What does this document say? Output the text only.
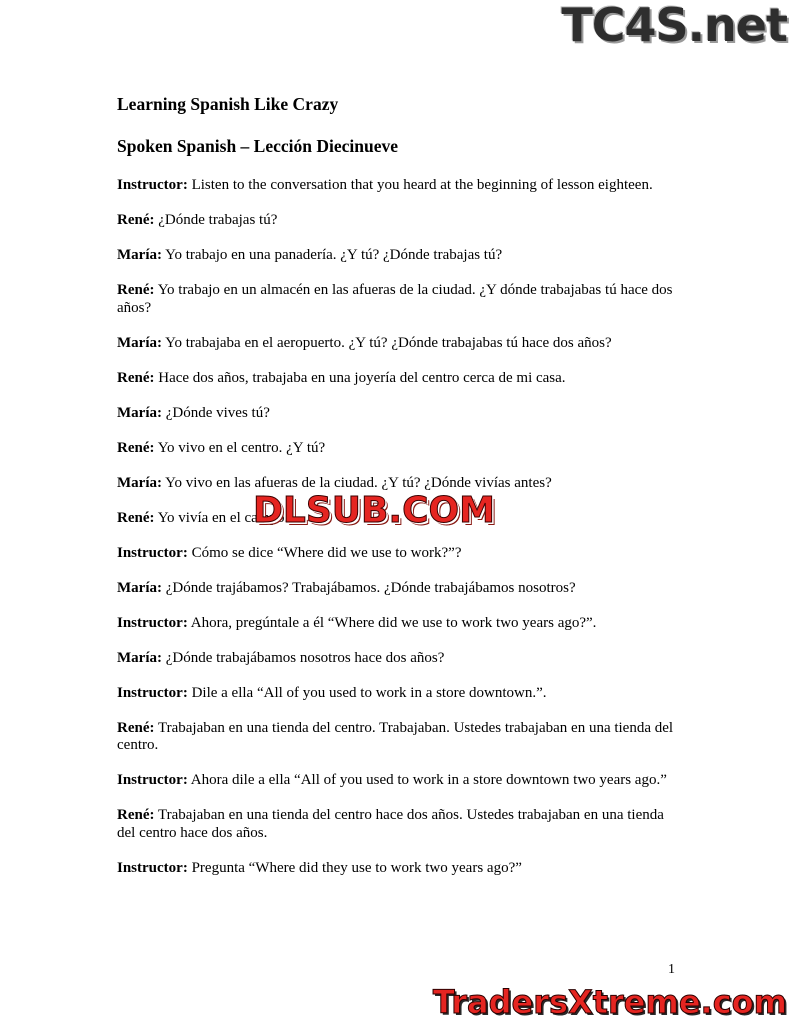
TC4S.net
Learning Spanish Like Crazy
Spoken Spanish – Lección Diecinueve

Instructor: Listen to the conversation that you heard at the beginning of lesson eighteen.

René: ¿Dónde trabajas tú?

María: Yo trabajo en una panadería. ¿Y tú? ¿Dónde trabajas tú?

René: Yo trabajo en un almacén en las afueras de la ciudad. ¿Y dónde trabajabas tú hace dos años?

María: Yo trabajaba en el aeropuerto. ¿Y tú? ¿Dónde trabajabas tú hace dos años?

René: Hace dos años, trabajaba en una joyería del centro cerca de mi casa.

María: ¿Dónde vives tú?

René: Yo vivo en el centro. ¿Y tú?

María: Yo vivo en las afueras de la ciudad. ¿Y tú? ¿Dónde vivías antes?

René: Yo vivía en el campo.

Instructor: Cómo se dice “Where did we use to work?”?

María: ¿Dónde trajábamos? Trabajábamos. ¿Dónde trabajábamos nosotros?

Instructor: Ahora, pregúntale a él “Where did we use to work two years ago?”.

María: ¿Dónde trabajábamos nosotros hace dos años?

Instructor: Dile a ella “All of you used to work in a store downtown.”.

René: Trabajaban en una tienda del centro. Trabajaban. Ustedes trabajaban en una tienda del centro.

Instructor: Ahora dile a ella “All of you used to work in a store downtown two years ago.”

René: Trabajaban en una tienda del centro hace dos años. Ustedes trabajaban en una tienda del centro hace dos años.

Instructor: Pregunta “Where did they use to work two years ago?”

DLSUB.COM
1
TradersXtreme.com
